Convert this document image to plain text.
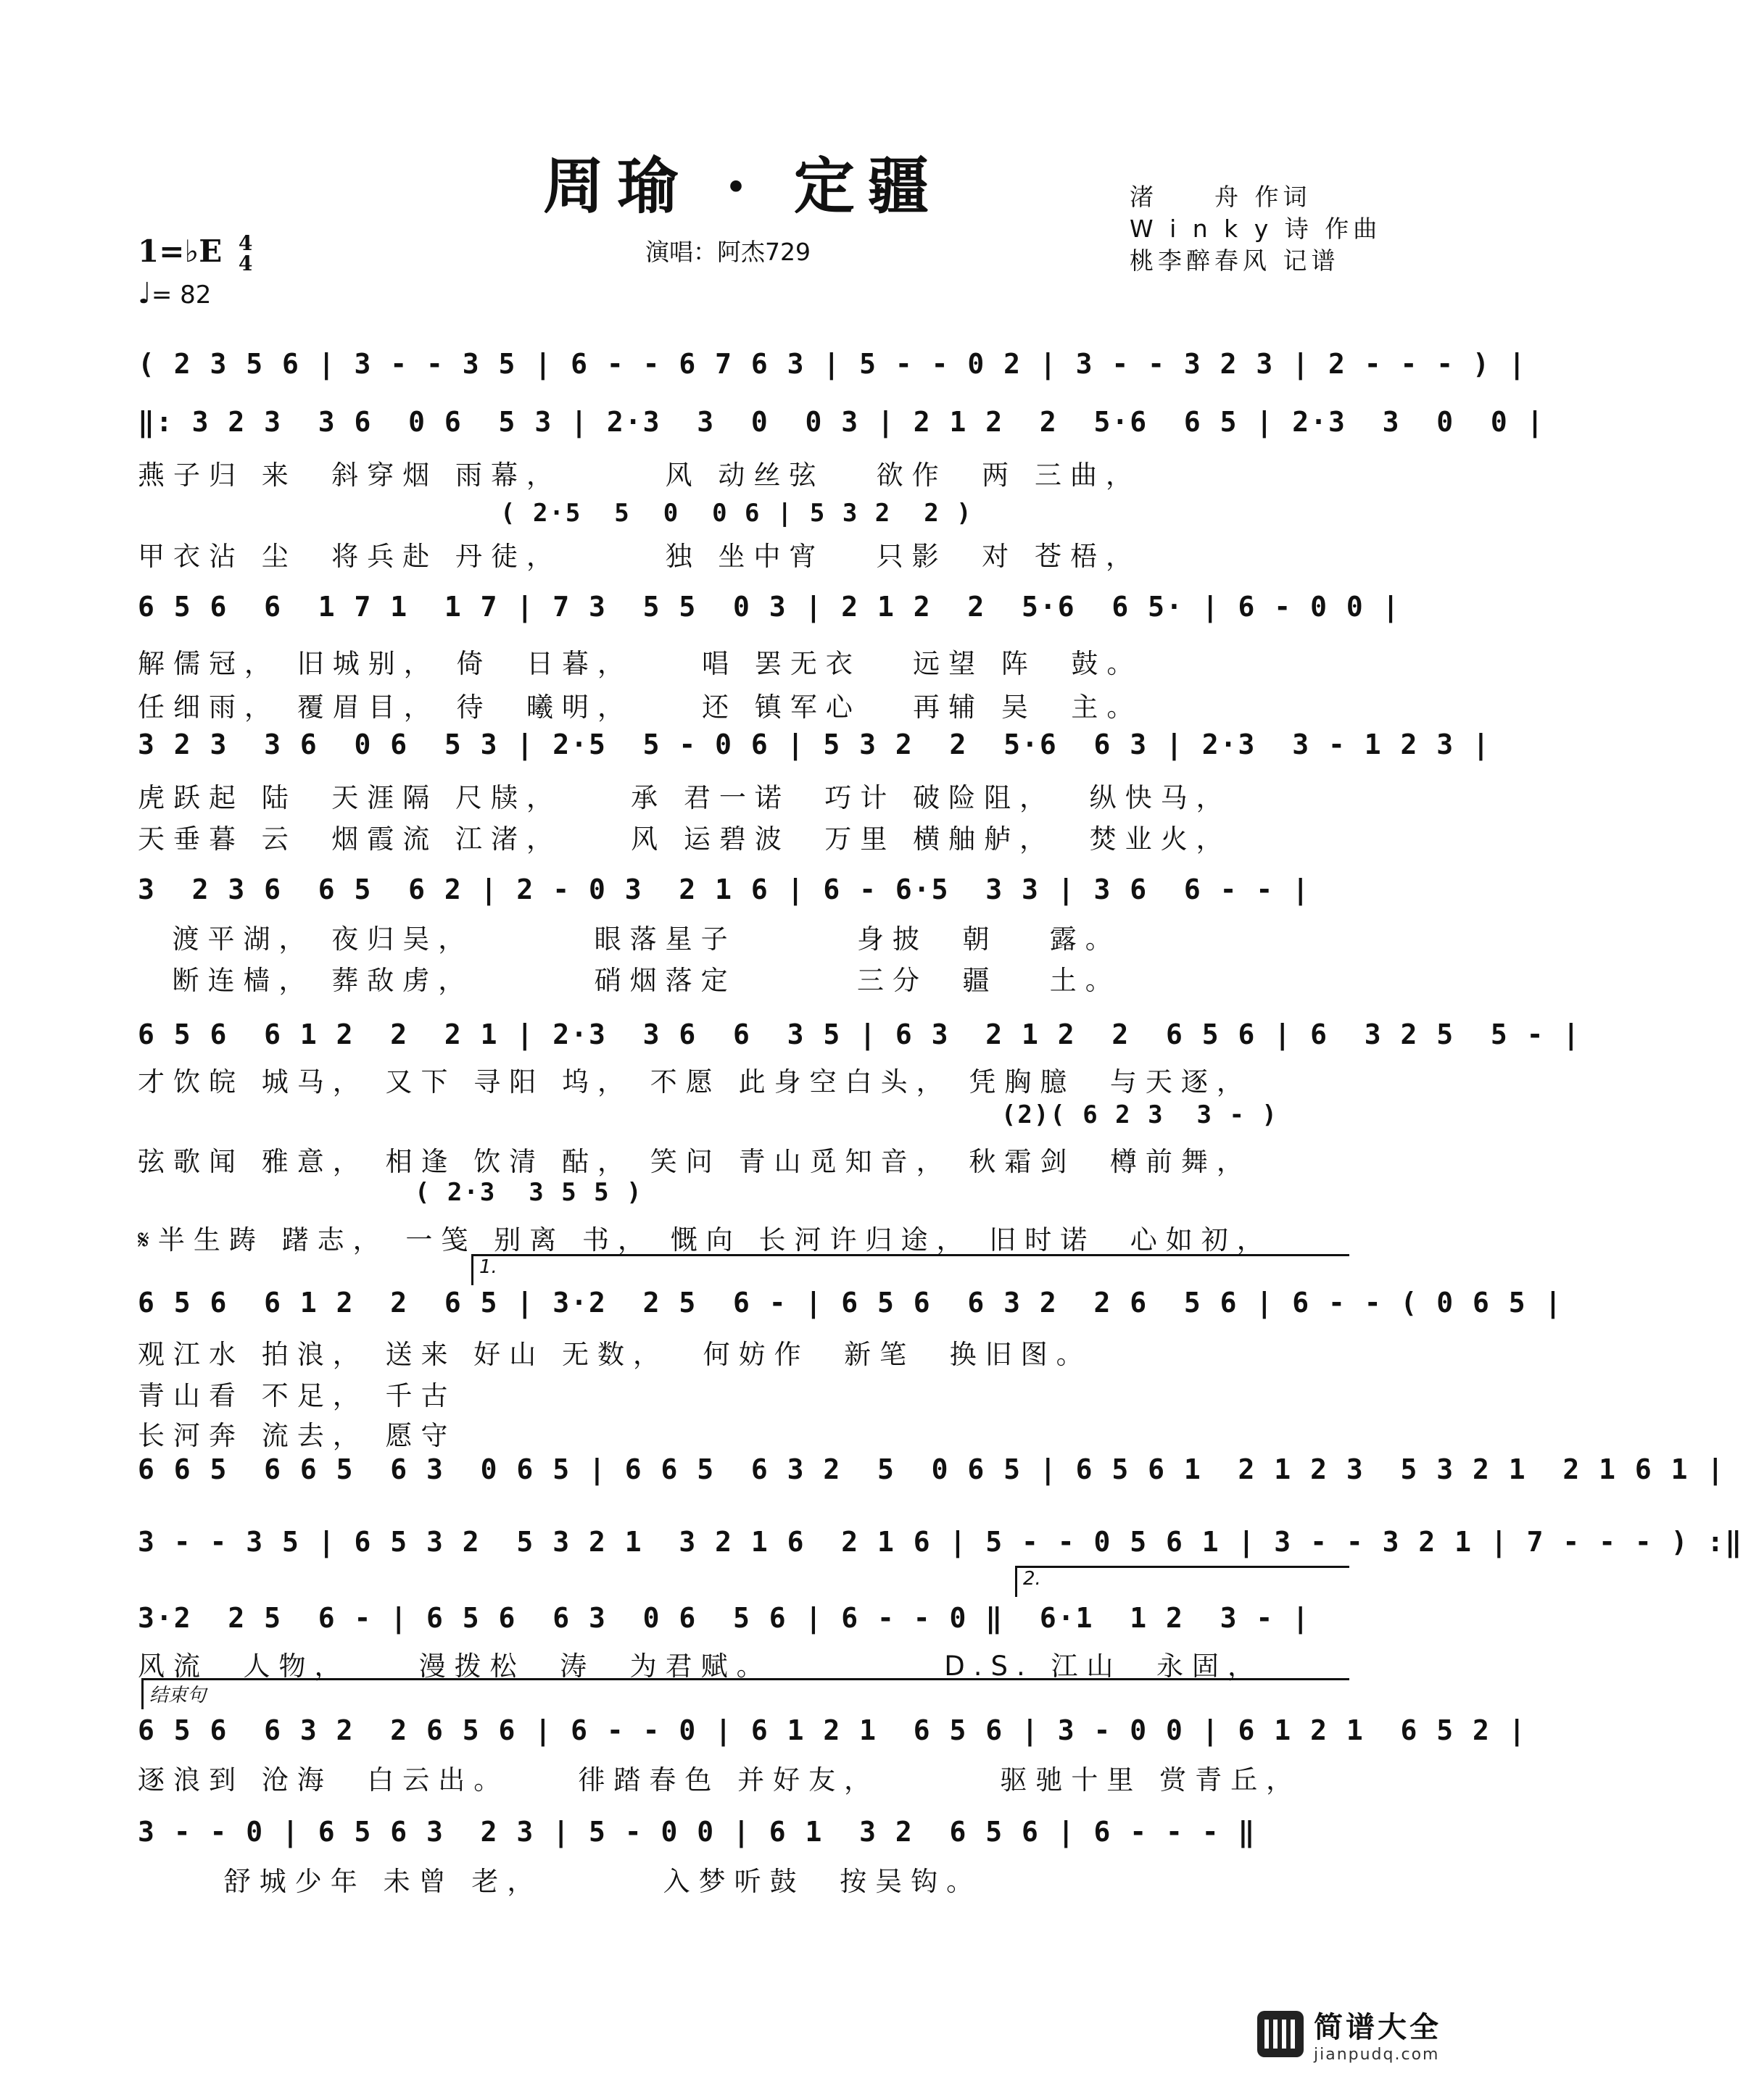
周瑜 · 定疆	渚　　舟 作词
W i n k y 诗 作曲
桃李醉春风 记谱
1=♭E 4
4
♩= 82
演唱：阿杰729
( 2 3 5 6 | 3 - - 3 5 | 6 - - 6 7 6 3 | 5 - - 0 2 | 3 - - 3 2 3 | 2 - - - ) |
‖: 3 2 3  3 6  0 6  5 3 | 2·3  3  0  0 3 | 2 1 2  2  5·6  6 5 | 2·3  3  0  0 |
燕子归 来  斜穿烟 雨幕，      风 动丝弦   欲作  两 三曲，
( 2·5  5  0  0 6 | 5 3 2  2 )
甲衣沾 尘  将兵赴 丹徒，      独 坐中宵   只影  对 苍梧，
6 5 6  6  1 7 1  1 7 | 7 3  5 5  0 3 | 2 1 2  2  5·6  6 5· | 6 - 0 0 |
解儒冠， 旧城别， 倚  日暮，    唱 罢无衣   远望 阵  鼓。
任细雨， 覆眉目， 待  曦明，    还 镇军心   再辅 吴  主。
3 2 3  3 6  0 6  5 3 | 2·5  5 - 0 6 | 5 3 2  2  5·6  6 3 | 2·3  3 - 1 2 3 |
虎跃起 陆  天涯隔 尺牍，    承 君一诺  巧计 破险阻，  纵快马，
天垂暮 云  烟霞流 江渚，    风 运碧波  万里 横舳舻，  焚业火，
3  2 3 6  6 5  6 2 | 2 - 0 3  2 1 6 | 6 - 6·5  3 3 | 3 6  6 - - |
渡平湖， 夜归吴，       眼落星子       身披  朝   露。
断连樯， 葬敌虏，       硝烟落定       三分  疆   土。
6 5 6  6 1 2  2  2 1 | 2·3  3 6  6  3 5 | 6 3  2 1 2  2  6 5 6 | 6  3 2 5  5 - |
才饮皖 城马， 又下 寻阳 坞， 不愿 此身空白头， 凭胸臆  与天逐，
(2)( 6 2 3  3 - )
弦歌闻 雅意， 相逢 饮清 酤， 笑问 青山觅知音， 秋霜剑  樽前舞，
( 2·3  3 5 5 )
𝄋半生踌 躇志， 一笺 别离 书， 慨向 长河许归途， 旧时诺  心如初，
1.
6 5 6  6 1 2  2  6 5 | 3·2  2 5  6 - | 6 5 6  6 3 2  2 6  5 6 | 6 - - ( 0 6 5 |
观江水 拍浪， 送来 好山 无数，  何妨作  新笔  换旧图。
青山看 不足， 千古
长河奔 流去， 愿守
6 6 5  6 6 5  6 3  0 6 5 | 6 6 5  6 3 2  5  0 6 5 | 6 5 6 1  2 1 2 3  5 3 2 1  2 1 6 1 |
3 - - 3 5 | 6 5 3 2  5 3 2 1  3 2 1 6  2 1 6 | 5 - - 0 5 6 1 | 3 - - 3 2 1 | 7 - - - ) :‖
2.
3·2  2 5  6 - | 6 5 6  6 3  0 6  5 6 | 6 - - 0 ‖  6·1  1 2  3 - |
风流  人物，    漫拨松  涛  为君赋。          D.S. 江山  永固，
结束句
6 5 6  6 3 2  2 6 5 6 | 6 - - 0 | 6 1 2 1  6 5 6 | 3 - 0 0 | 6 1 2 1  6 5 2 |
逐浪到 沧海  白云出。    徘踏春色 并好友，       驱驰十里 赏青丘，
3 - - 0 | 6 5 6 3  2 3 | 5 - 0 0 | 6 1  3 2  6 5 6 | 6 - - - ‖
舒城少年 未曾 老，       入梦听鼓  按吴钩。
简谱大全
jianpudq.com
